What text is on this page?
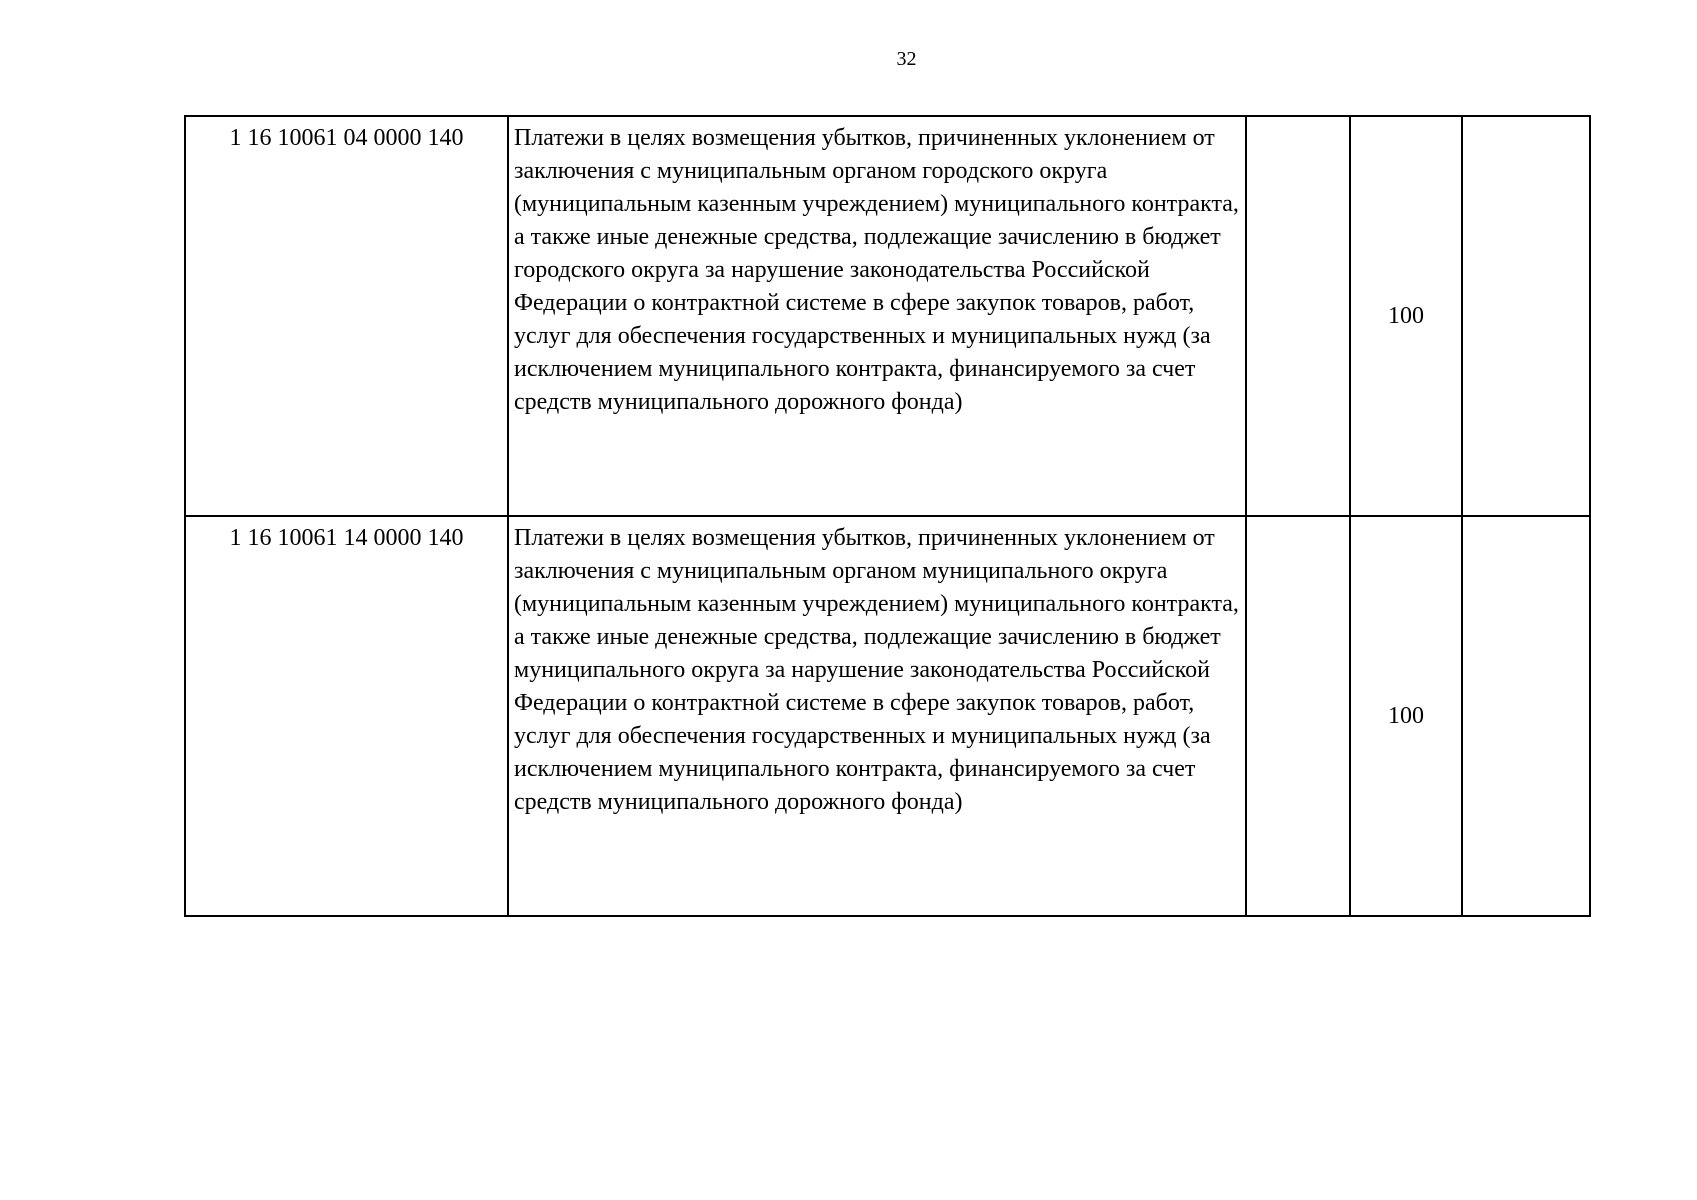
32
1 16 10061 04 0000 140	Платежи в целях возмещения убытков, причиненных уклонением от заключения с муниципальным органом городского округа (муниципальным казенным учреждением) муниципального контракта, а также иные денежные средства, подлежащие зачислению в бюджет городского округа за нарушение законодательства Российской Федерации о контрактной системе в сфере закупок товаров, работ, услуг для обеспечения государственных и муниципальных нужд (за исключением муниципального контракта, финансируемого за счет средств муниципального дорожного фонда)		100	
1 16 10061 14 0000 140	Платежи в целях возмещения убытков, причиненных уклонением от заключения с муниципальным органом муниципального округа (муниципальным казенным учреждением) муниципального контракта, а также иные денежные средства, подлежащие зачислению в бюджет муниципального округа за нарушение законодательства Российской Федерации о контрактной системе в сфере закупок товаров, работ, услуг для обеспечения государственных и муниципальных нужд (за исключением муниципального контракта, финансируемого за счет средств муниципального дорожного фонда)		100	
